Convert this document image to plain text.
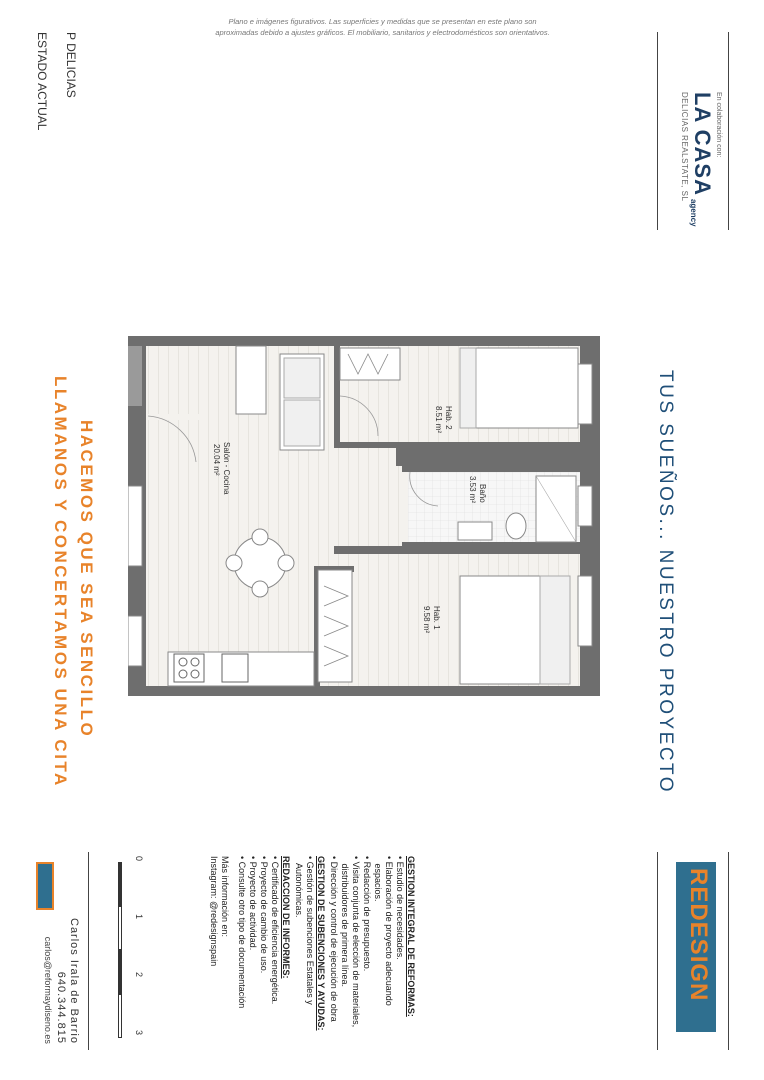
Plano e imágenes figurativos. Las superficies y medidas que se presentan en este plano son
aproximadas debido a ajustes gráficos. El mobiliario, sanitarios y electrodomésticos son orientativos.
P DELICIAS
ESTADO ACTUAL	En colaboración con:
LA CASA
agency
DELICIAS REALSTATE, SL
TUS SUEÑOS... NUESTRO PROYECTO
HACEMOS QUE SEA SENCILLO
LLAMANOS Y CONCERTAMOS UNA CITA	Hab. 2
8.51 m²
Baño
3.53 m²
Salón - Cocina
20.04 m²
Hab. 1
9.58 m²
REDESIGN
GESTION INTEGRAL DE REFORMAS:
• Estudio de necesidades.
• Elaboración de proyecto adecuando
espacios.
• Redacción de presupuesto.
• Visita conjunta de elección de materiales,
distribuidores de primera línea.
• Dirección y control de ejecución de obra
GESTION DE SUBENCIONES Y AYUDAS:
• Gestión de subenciones Estatales y
Autonómicas.
REDACCION DE INFORMES:
• Certificado de eficiencia energética.
• Proyecto de cambio de uso.
• Proyecto de actividad.
• Consulte otro tipo de documentación
Más información en:
Instagram: @redesignspain
0
1
2
3
Carlos Irala de Barrio
640.344.815
carlos@reformaydiseno.es
